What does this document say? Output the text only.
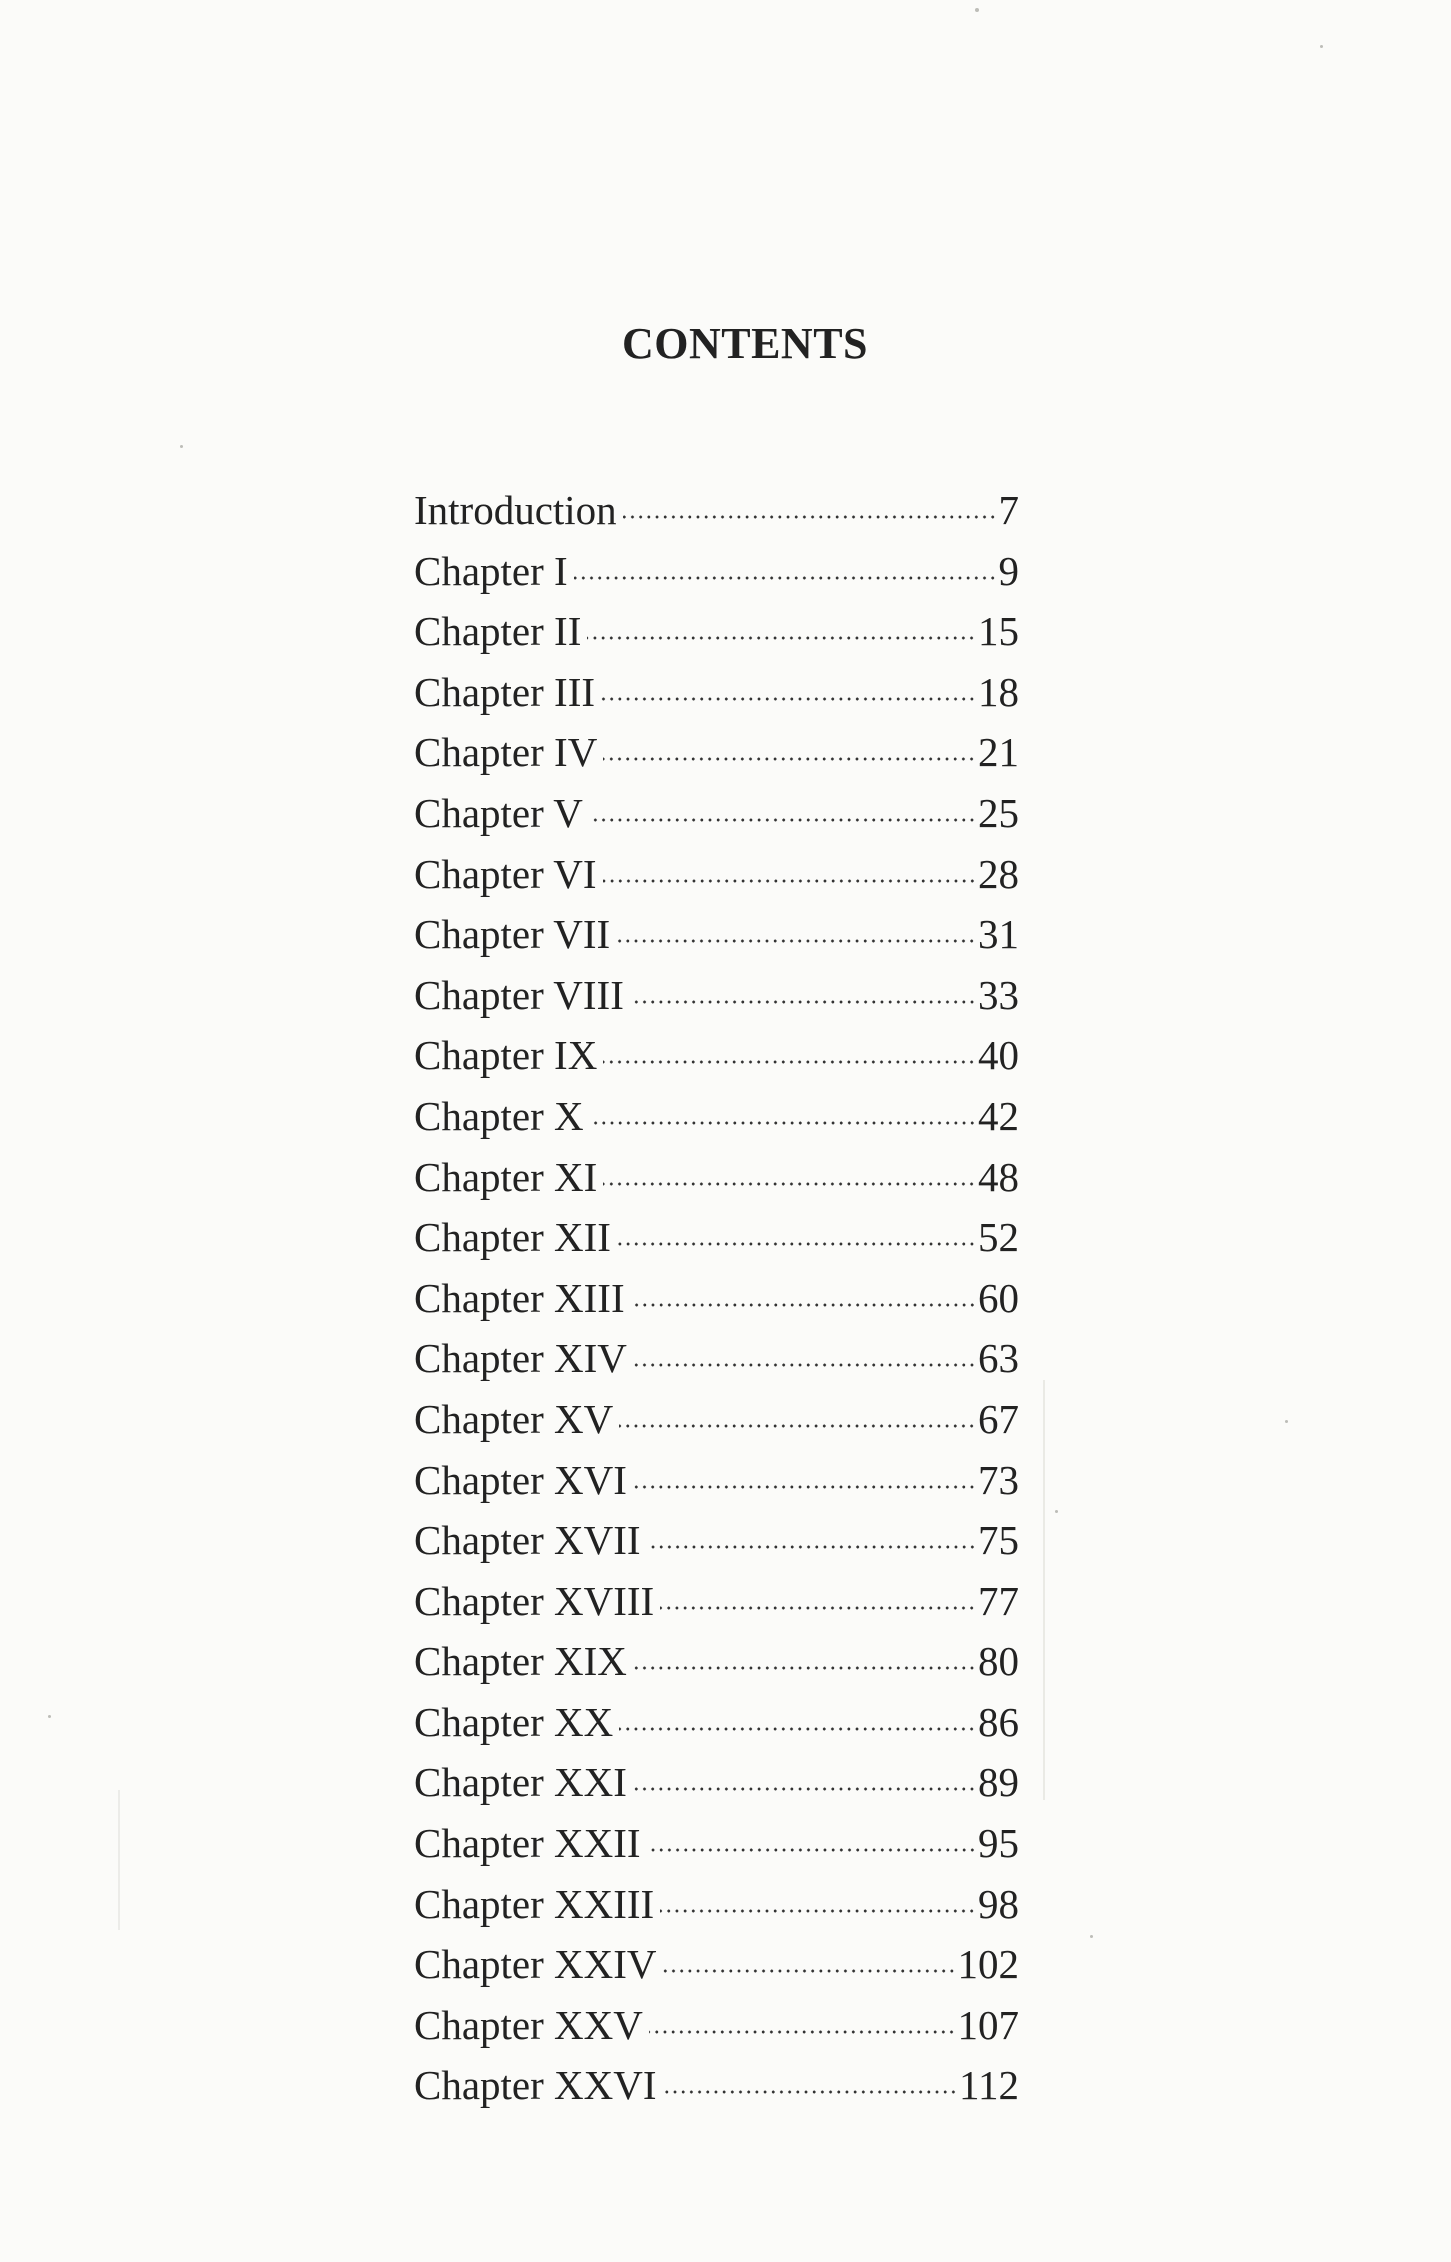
CONTENTS
Introduction	7
Chapter I	9
Chapter II	15
Chapter III	18
Chapter IV	21
Chapter V	25
Chapter VI	28
Chapter VII	31
Chapter VIII	33
Chapter IX	40
Chapter X	42
Chapter XI	48
Chapter XII	52
Chapter XIII	60
Chapter XIV	63
Chapter XV	67
Chapter XVI	73
Chapter XVII	75
Chapter XVIII	77
Chapter XIX	80
Chapter XX	86
Chapter XXI	89
Chapter XXII	95
Chapter XXIII	98
Chapter XXIV	102
Chapter XXV	107
Chapter XXVI	112
